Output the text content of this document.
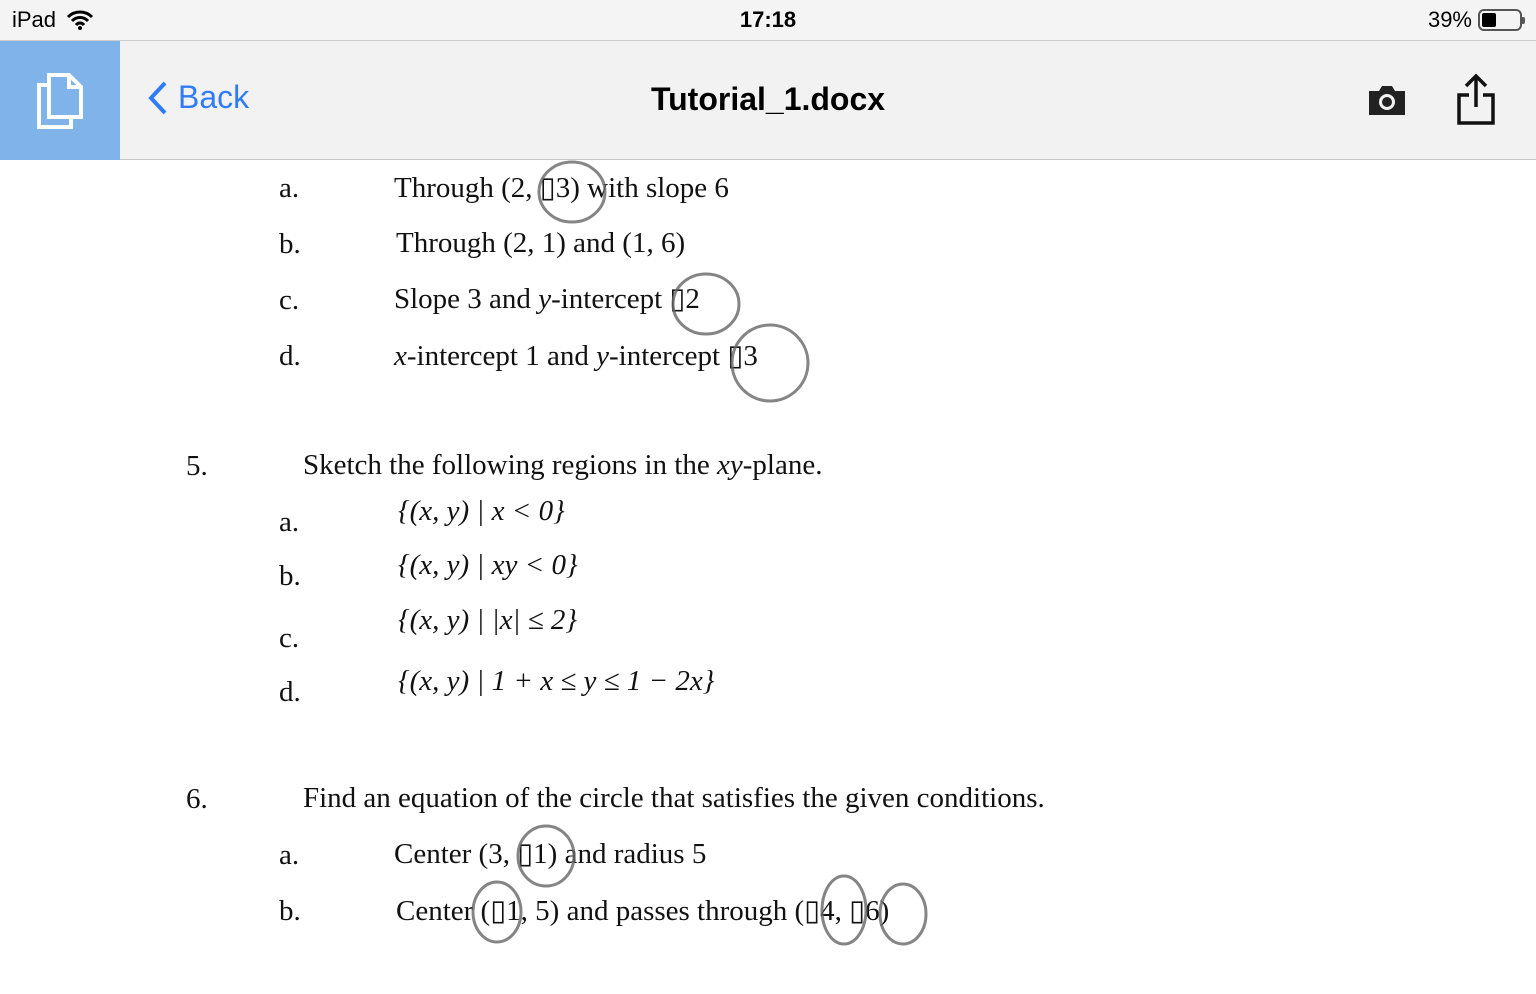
iPad	17:18	39%
Back	Tutorial_1.docx
a.	Through (2, ▯3) with slope 6
b.	Through (2, 1) and (1, 6)
c.	Slope 3 and y-intercept ▯2
d.	x-intercept 1 and y-intercept ▯3
5.	Sketch the following regions in the xy-plane.
a.	{(x, y) | x < 0}
b.	{(x, y) | xy < 0}
c.
{(x, y) | |x| ≤ 2}
d.	{(x, y) | 1 + x ≤ y ≤ 1 − 2x}
6.	Find an equation of the circle that satisfies the given conditions.
a.	Center (3, ▯1) and radius 5
b.	Center (▯1, 5) and passes through (▯4, ▯6)
